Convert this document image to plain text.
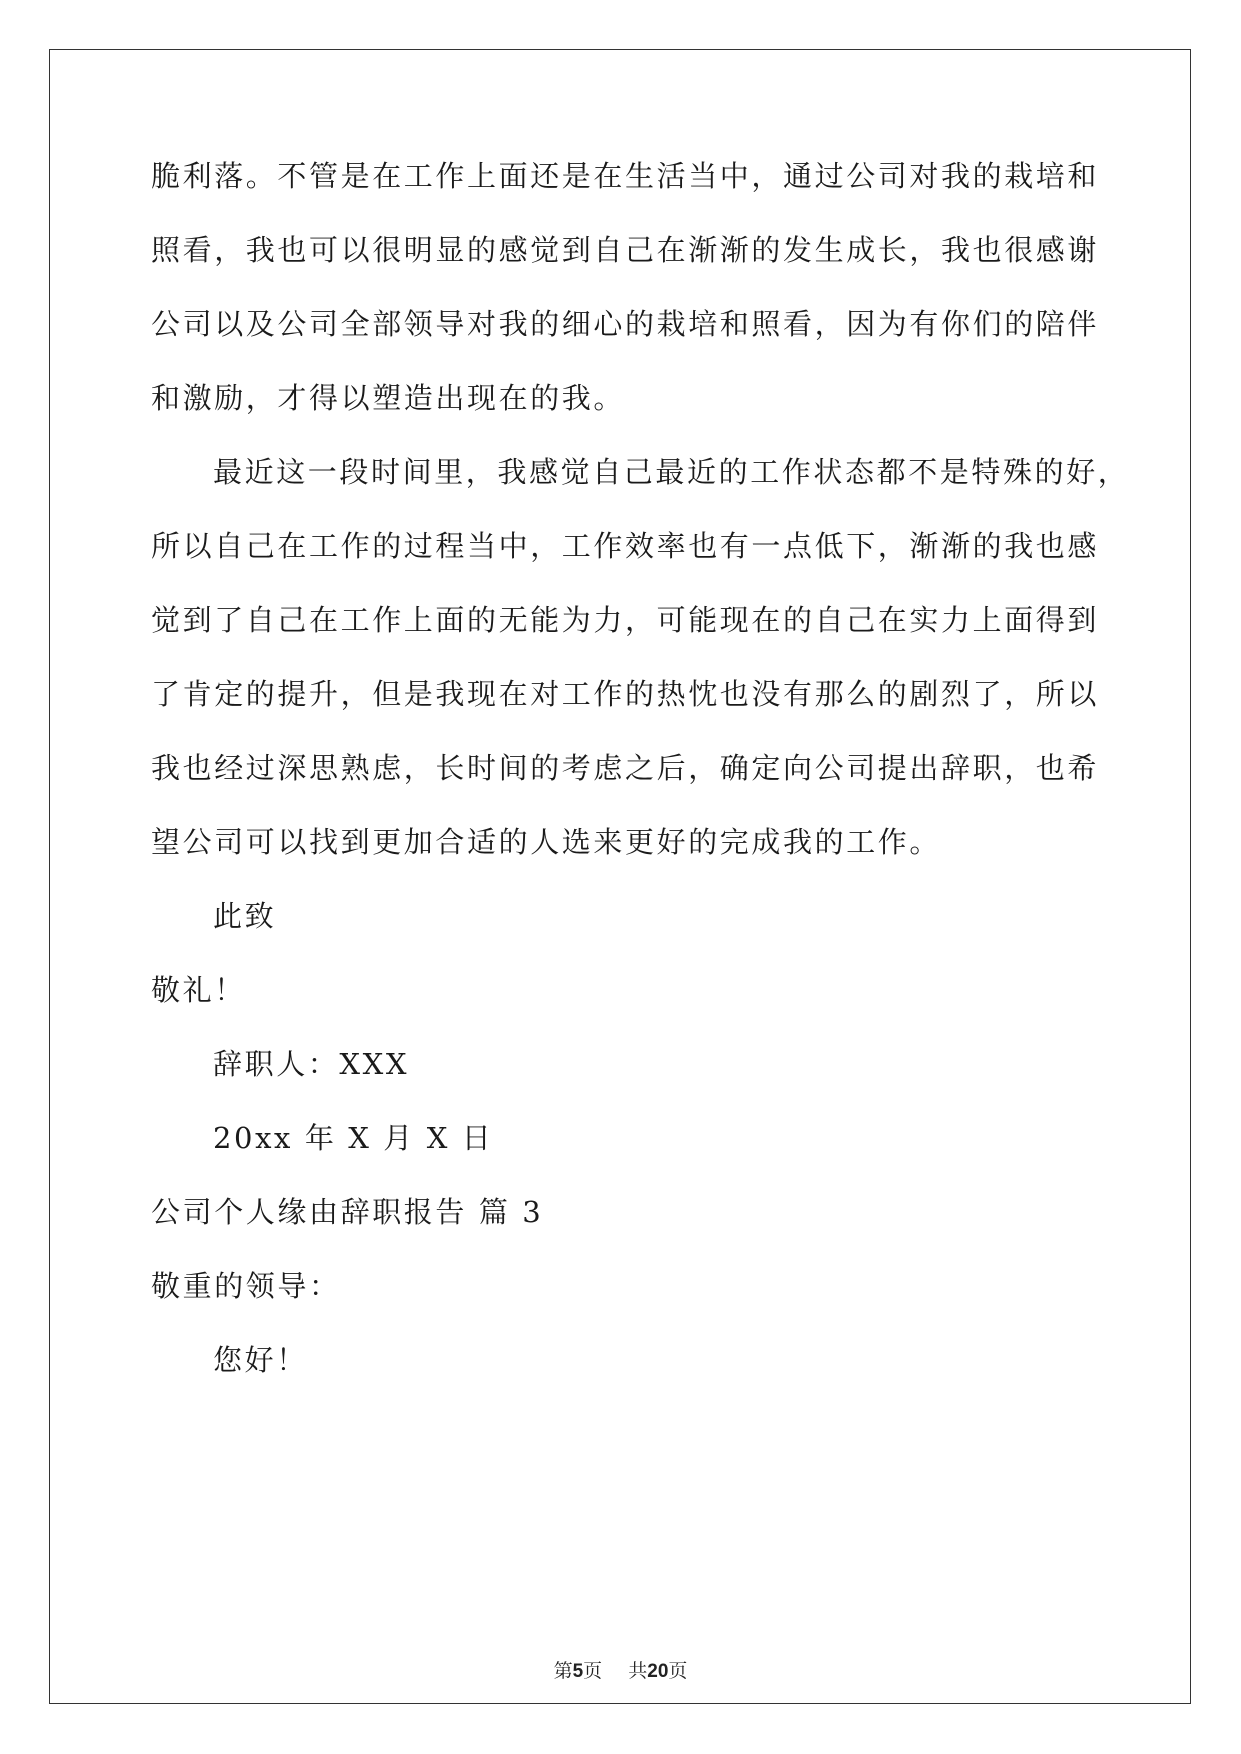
脆利落。不管是在工作上面还是在生活当中，通过公司对我的栽培和
照看，我也可以很明显的感觉到自己在渐渐的发生成长，我也很感谢
公司以及公司全部领导对我的细心的栽培和照看，因为有你们的陪伴
和激励，才得以塑造出现在的我。
最近这一段时间里，我感觉自己最近的工作状态都不是特殊的好，
所以自己在工作的过程当中，工作效率也有一点低下，渐渐的我也感
觉到了自己在工作上面的无能为力，可能现在的自己在实力上面得到
了肯定的提升，但是我现在对工作的热忱也没有那么的剧烈了，所以
我也经过深思熟虑，长时间的考虑之后，确定向公司提出辞职，也希
望公司可以找到更加合适的人选来更好的完成我的工作。
此致
敬礼！
辞职人：XXX
20xx 年 X 月 X 日
公司个人缘由辞职报告 篇 3
敬重的领导：
您好！
第5页 共20页
